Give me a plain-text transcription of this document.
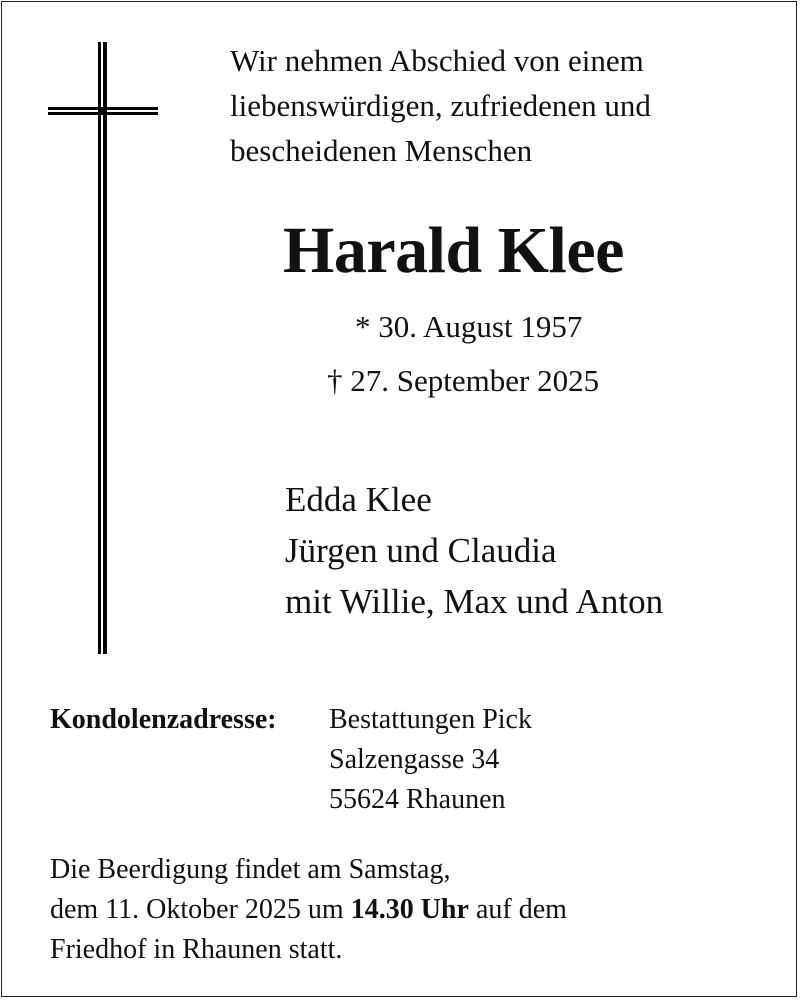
Wir nehmen Abschied von einem
liebenswürdigen, zufriedenen und
bescheidenen Menschen
Harald Klee
* 30. August 1957
† 27. September 2025
Edda Klee
Jürgen und Claudia
mit Willie, Max und Anton
Kondolenzadresse: Bestattungen Pick
Salzengasse 34
55624 Rhaunen
Die Beerdigung findet am Samstag,
dem 11. Oktober 2025 um 14.30 Uhr auf dem
Friedhof in Rhaunen statt.
